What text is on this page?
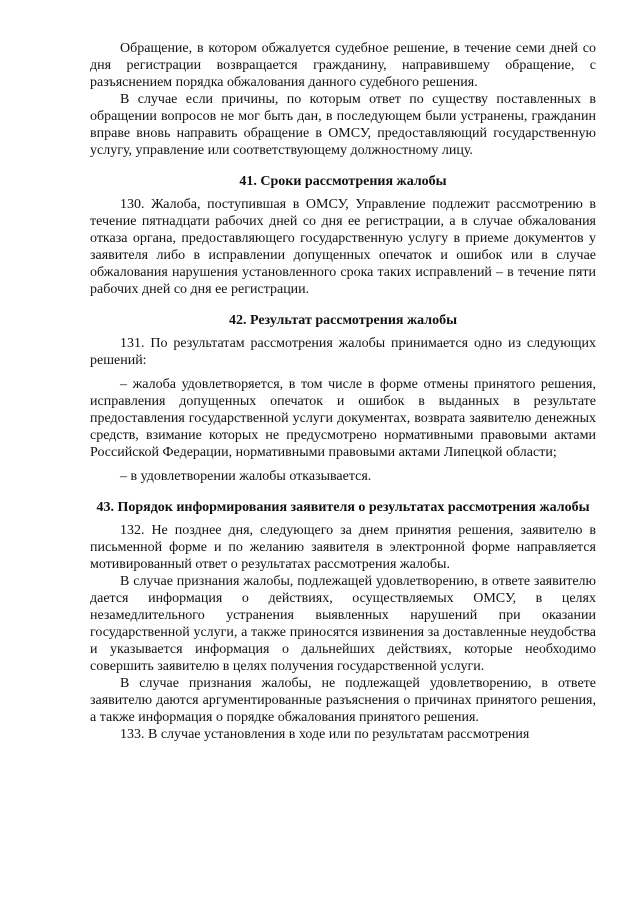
Обращение, в котором обжалуется судебное решение, в течение семи дней со дня регистрации возвращается гражданину, направившему обращение, с разъяснением порядка обжалования данного судебного решения.

В случае если причины, по которым ответ по существу поставленных в обращении вопросов не мог быть дан, в последующем были устранены, гражданин вправе вновь направить обращение в ОМСУ, предоставляющий государственную услугу, управление или соответствующему должностному лицу.

41. Сроки рассмотрения жалобы

130. Жалоба, поступившая в ОМСУ, Управление подлежит рассмотрению в течение пятнадцати рабочих дней со дня ее регистрации, а в случае обжалования отказа органа, предоставляющего государственную услугу в приеме документов у заявителя либо в исправлении допущенных опечаток и ошибок или в случае обжалования нарушения установленного срока таких исправлений – в течение пяти рабочих дней со дня ее регистрации.

42. Результат рассмотрения жалобы

131. По результатам рассмотрения жалобы принимается одно из следующих решений:

– жалоба удовлетворяется, в том числе в форме отмены принятого решения, исправления допущенных опечаток и ошибок в выданных в результате предоставления государственной услуги документах, возврата заявителю денежных средств, взимание которых не предусмотрено нормативными правовыми актами Российской Федерации, нормативными правовыми актами Липецкой области;

– в удовлетворении жалобы отказывается.

43. Порядок информирования заявителя о результатах рассмотрения жалобы

132. Не позднее дня, следующего за днем принятия решения, заявителю в письменной форме и по желанию заявителя в электронной форме направляется мотивированный ответ о результатах рассмотрения жалобы.

В случае признания жалобы, подлежащей удовлетворению, в ответе заявителю дается информация о действиях, осуществляемых ОМСУ, в целях незамедлительного устранения выявленных нарушений при оказании государственной услуги, а также приносятся извинения за доставленные неудобства и указывается информация о дальнейших действиях, которые необходимо совершить заявителю в целях получения государственной услуги.

В случае признания жалобы, не подлежащей удовлетворению, в ответе заявителю даются аргументированные разъяснения о причинах принятого решения, а также информация о порядке обжалования принятого решения.

133. В случае установления в ходе или по результатам рассмотрения
